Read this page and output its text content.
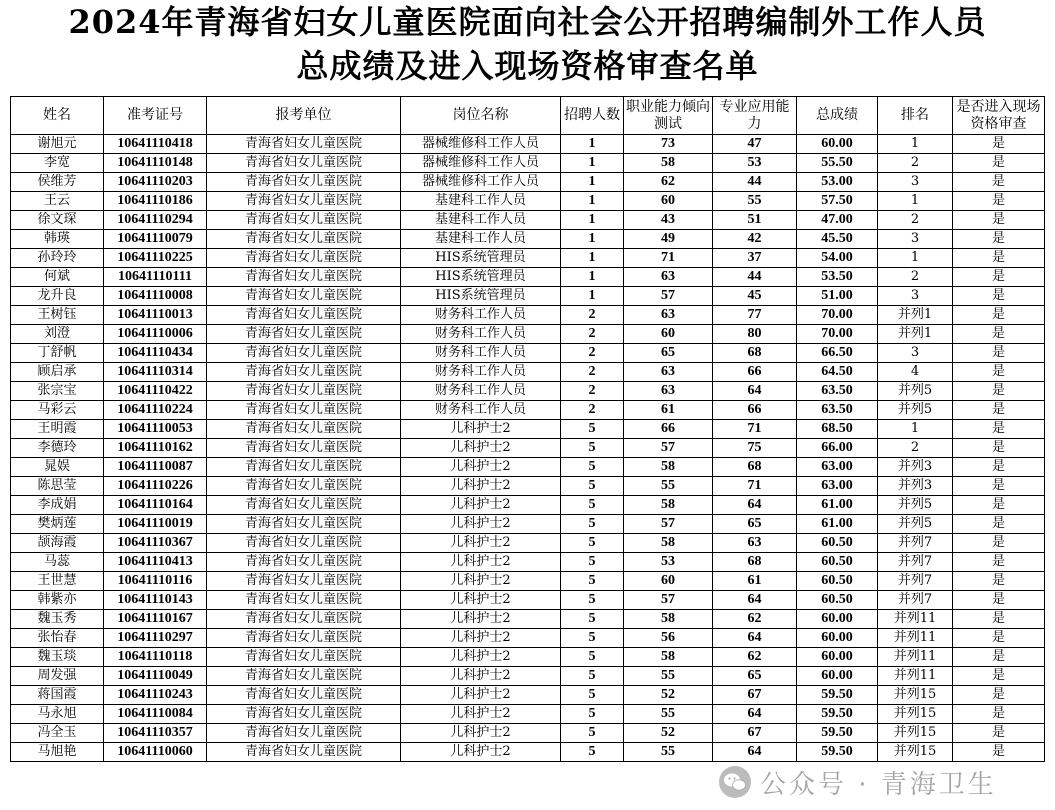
2024年青海省妇女儿童医院面向社会公开招聘编制外工作人员
总成绩及进入现场资格审查名单
姓名	准考证号	报考单位	岗位名称	招聘人数	职业能力倾向测试	专业应用能力	总成绩	排名	是否进入现场资格审查
谢旭元	10641110418	青海省妇女儿童医院	器械维修科工作人员	1	73	47	60.00	1	是
李宽	10641110148	青海省妇女儿童医院	器械维修科工作人员	1	58	53	55.50	2	是
侯维芳	10641110203	青海省妇女儿童医院	器械维修科工作人员	1	62	44	53.00	3	是
王云	10641110186	青海省妇女儿童医院	基建科工作人员	1	60	55	57.50	1	是
徐文琛	10641110294	青海省妇女儿童医院	基建科工作人员	1	43	51	47.00	2	是
韩瑛	10641110079	青海省妇女儿童医院	基建科工作人员	1	49	42	45.50	3	是
孙玲玲	10641110225	青海省妇女儿童医院	HIS系统管理员	1	71	37	54.00	1	是
何斌	10641110111	青海省妇女儿童医院	HIS系统管理员	1	63	44	53.50	2	是
龙升良	10641110008	青海省妇女儿童医院	HIS系统管理员	1	57	45	51.00	3	是
王树钰	10641110013	青海省妇女儿童医院	财务科工作人员	2	63	77	70.00	并列1	是
刘澄	10641110006	青海省妇女儿童医院	财务科工作人员	2	60	80	70.00	并列1	是
丁舒帆	10641110434	青海省妇女儿童医院	财务科工作人员	2	65	68	66.50	3	是
顾启承	10641110314	青海省妇女儿童医院	财务科工作人员	2	63	66	64.50	4	是
张宗宝	10641110422	青海省妇女儿童医院	财务科工作人员	2	63	64	63.50	并列5	是
马彩云	10641110224	青海省妇女儿童医院	财务科工作人员	2	61	66	63.50	并列5	是
王明霞	10641110053	青海省妇女儿童医院	儿科护士2	5	66	71	68.50	1	是
李德玲	10641110162	青海省妇女儿童医院	儿科护士2	5	57	75	66.00	2	是
晁娱	10641110087	青海省妇女儿童医院	儿科护士2	5	58	68	63.00	并列3	是
陈思莹	10641110226	青海省妇女儿童医院	儿科护士2	5	55	71	63.00	并列3	是
李成娟	10641110164	青海省妇女儿童医院	儿科护士2	5	58	64	61.00	并列5	是
樊炳莲	10641110019	青海省妇女儿童医院	儿科护士2	5	57	65	61.00	并列5	是
颉海霞	10641110367	青海省妇女儿童医院	儿科护士2	5	58	63	60.50	并列7	是
马蕊	10641110413	青海省妇女儿童医院	儿科护士2	5	53	68	60.50	并列7	是
王世慧	10641110116	青海省妇女儿童医院	儿科护士2	5	60	61	60.50	并列7	是
韩紫亦	10641110143	青海省妇女儿童医院	儿科护士2	5	57	64	60.50	并列7	是
魏玉秀	10641110167	青海省妇女儿童医院	儿科护士2	5	58	62	60.00	并列11	是
张怡春	10641110297	青海省妇女儿童医院	儿科护士2	5	56	64	60.00	并列11	是
魏玉琰	10641110118	青海省妇女儿童医院	儿科护士2	5	58	62	60.00	并列11	是
周发强	10641110049	青海省妇女儿童医院	儿科护士2	5	55	65	60.00	并列11	是
蒋国霞	10641110243	青海省妇女儿童医院	儿科护士2	5	52	67	59.50	并列15	是
马永旭	10641110084	青海省妇女儿童医院	儿科护士2	5	55	64	59.50	并列15	是
冯全玉	10641110357	青海省妇女儿童医院	儿科护士2	5	52	67	59.50	并列15	是
马旭艳	10641110060	青海省妇女儿童医院	儿科护士2	5	55	64	59.50	并列15	是
公众号 · 青海卫生
